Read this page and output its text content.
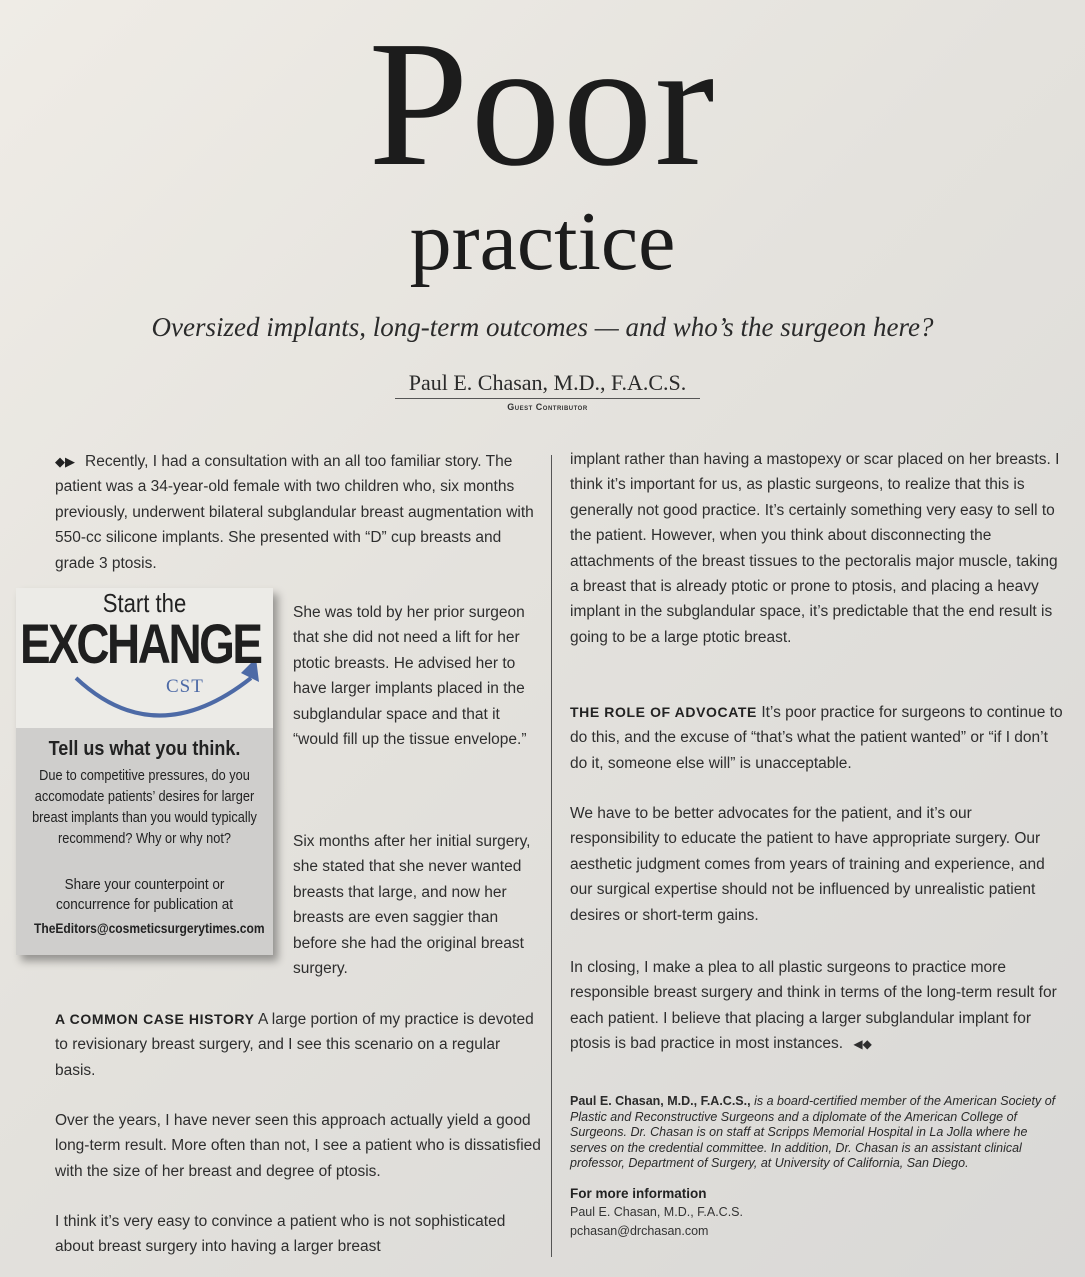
Poor
practice
Oversized implants, long-term outcomes — and who’s the surgeon here?
Paul E. Chasan, M.D., F.A.C.S.
Guest Contributor

◆▶ Recently, I had a consultation with an all too familiar story. The patient was a 34-year-old female with two children who, six months previously, underwent bilateral subglandular breast augmentation with 550-cc silicone implants. She presented with “D” cup breasts and grade 3 ptosis.

Start the
EXCHANGE
CST

Tell us what you think.

Due to competitive pressures, do you accomodate patients’ desires for larger breast implants than you would typically recommend? Why or why not?

Share your counterpoint or concurrence for publication at

TheEditors@cosmeticsurgerytimes.com

She was told by her prior surgeon that she did not need a lift for her ptotic breasts. He advised her to have larger implants placed in the subglandular space and that it “would fill up the tissue envelope.”

Six months after her initial surgery, she stated that she never wanted breasts that large, and now her breasts are even saggier than before she had the original breast surgery.

A COMMON CASE HISTORY A large portion of my practice is devoted to revisionary breast surgery, and I see this scenario on a regular basis.

Over the years, I have never seen this approach actually yield a good long-term result. More often than not, I see a patient who is dissatisfied with the size of her breast and degree of ptosis.

I think it’s very easy to convince a patient who is not sophisticated about breast surgery into having a larger breast

implant rather than having a mastopexy or scar placed on her breasts. I think it’s important for us, as plastic surgeons, to realize that this is generally not good practice. It’s certainly something very easy to sell to the patient. However, when you think about disconnecting the attachments of the breast tissues to the pectoralis major muscle, taking a breast that is already ptotic or prone to ptosis, and placing a heavy implant in the subglandular space, it’s predictable that the end result is going to be a large ptotic breast.

THE ROLE OF ADVOCATE It’s poor practice for surgeons to continue to do this, and the excuse of “that’s what the patient wanted” or “if I don’t do it, someone else will” is unacceptable.

We have to be better advocates for the patient, and it’s our responsibility to educate the patient to have appropriate surgery. Our aesthetic judgment comes from years of training and experience, and our surgical expertise should not be influenced by unrealistic patient desires or short-term gains.

In closing, I make a plea to all plastic surgeons to practice more responsible breast surgery and think in terms of the long-term result for each patient. I believe that placing a larger subglandular implant for ptosis is bad practice in most instances. ◀◆

Paul E. Chasan, M.D., F.A.C.S., is a board-certified member of the American Society of Plastic and Reconstructive Surgeons and a diplomate of the American College of Surgeons. Dr. Chasan is on staff at Scripps Memorial Hospital in La Jolla where he serves on the credential committee. In addition, Dr. Chasan is an assistant clinical professor, Department of Surgery, at University of California, San Diego.

For more information
Paul E. Chasan, M.D., F.A.C.S.
pchasan@drchasan.com
